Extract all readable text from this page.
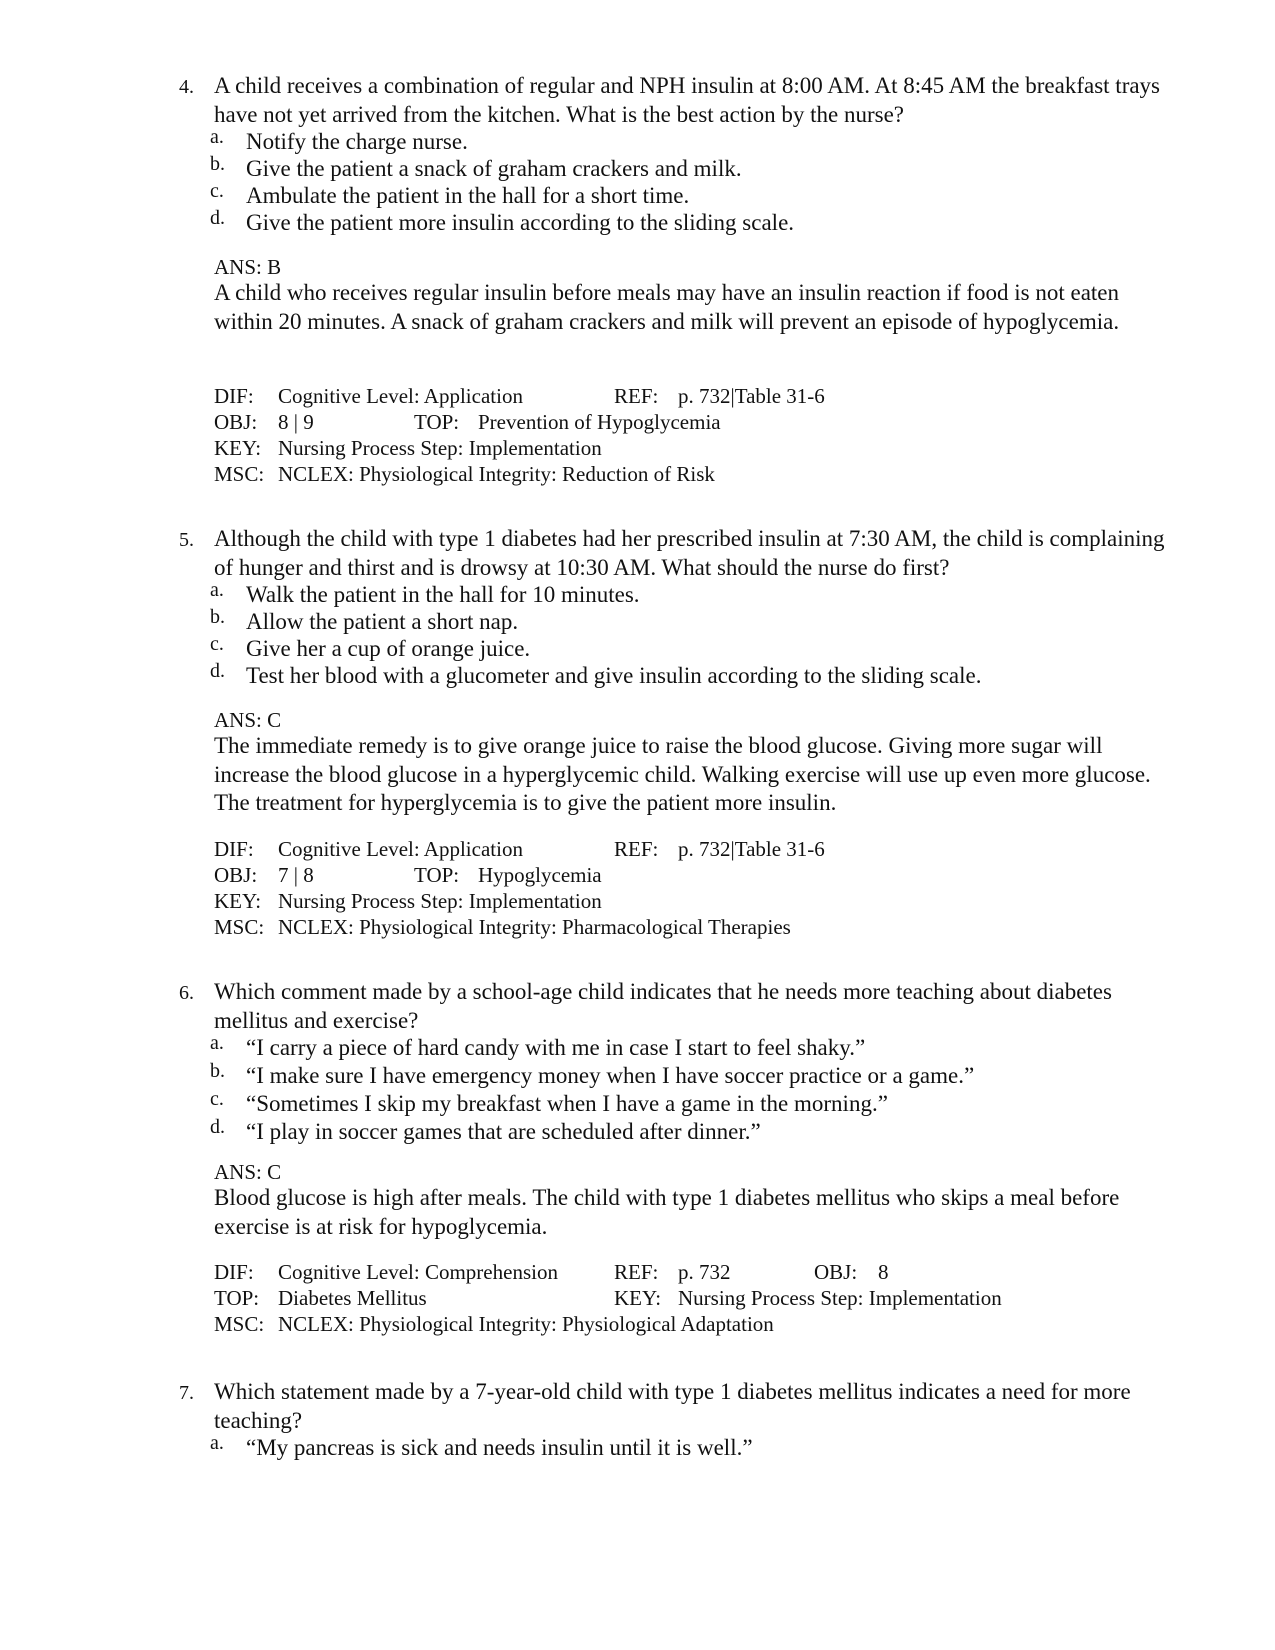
4. A child receives a combination of regular and NPH insulin at 8:00 AM. At 8:45 AM the breakfast trays have not yet arrived from the kitchen. What is the best action by the nurse?
a. Notify the charge nurse.
b. Give the patient a snack of graham crackers and milk.
c. Ambulate the patient in the hall for a short time.
d. Give the patient more insulin according to the sliding scale.
ANS: B
A child who receives regular insulin before meals may have an insulin reaction if food is not eaten within 20 minutes. A snack of graham crackers and milk will prevent an episode of hypoglycemia.
DIF: Cognitive Level: Application	REF: p. 732|Table 31-6
OBJ: 8 | 9	TOP: Prevention of Hypoglycemia
KEY: Nursing Process Step: Implementation
MSC: NCLEX: Physiological Integrity: Reduction of Risk
5. Although the child with type 1 diabetes had her prescribed insulin at 7:30 AM, the child is complaining of hunger and thirst and is drowsy at 10:30 AM. What should the nurse do first?
a. Walk the patient in the hall for 10 minutes.
b. Allow the patient a short nap.
c. Give her a cup of orange juice.
d. Test her blood with a glucometer and give insulin according to the sliding scale.
ANS: C
The immediate remedy is to give orange juice to raise the blood glucose. Giving more sugar will increase the blood glucose in a hyperglycemic child. Walking exercise will use up even more glucose. The treatment for hyperglycemia is to give the patient more insulin.
DIF: Cognitive Level: Application	REF: p. 732|Table 31-6
OBJ: 7 | 8	TOP: Hypoglycemia
KEY: Nursing Process Step: Implementation
MSC: NCLEX: Physiological Integrity: Pharmacological Therapies
6. Which comment made by a school-age child indicates that he needs more teaching about diabetes mellitus and exercise?
a. “I carry a piece of hard candy with me in case I start to feel shaky.”
b. “I make sure I have emergency money when I have soccer practice or a game.”
c. “Sometimes I skip my breakfast when I have a game in the morning.”
d. “I play in soccer games that are scheduled after dinner.”
ANS: C
Blood glucose is high after meals. The child with type 1 diabetes mellitus who skips a meal before exercise is at risk for hypoglycemia.
DIF: Cognitive Level: Comprehension	REF: p. 732	OBJ: 8
TOP: Diabetes Mellitus	KEY: Nursing Process Step: Implementation
MSC: NCLEX: Physiological Integrity: Physiological Adaptation
7. Which statement made by a 7-year-old child with type 1 diabetes mellitus indicates a need for more teaching?
a. “My pancreas is sick and needs insulin until it is well.”
